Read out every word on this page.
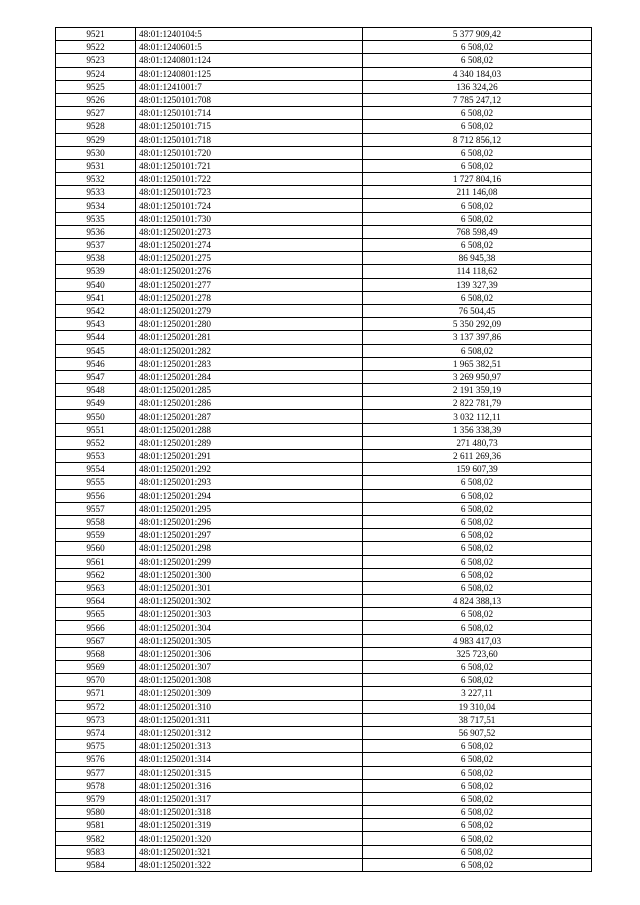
9521	48:01:1240104:5	5 377 909,42
9522	48:01:1240601:5	6 508,02
9523	48:01:1240801:124	6 508,02
9524	48:01:1240801:125	4 340 184,03
9525	48:01:1241001:7	136 324,26
9526	48:01:1250101:708	7 785 247,12
9527	48:01:1250101:714	6 508,02
9528	48:01:1250101:715	6 508,02
9529	48:01:1250101:718	8 712 856,12
9530	48:01:1250101:720	6 508,02
9531	48:01:1250101:721	6 508,02
9532	48:01:1250101:722	1 727 804,16
9533	48:01:1250101:723	211 146,08
9534	48:01:1250101:724	6 508,02
9535	48:01:1250101:730	6 508,02
9536	48:01:1250201:273	768 598,49
9537	48:01:1250201:274	6 508,02
9538	48:01:1250201:275	86 945,38
9539	48:01:1250201:276	114 118,62
9540	48:01:1250201:277	139 327,39
9541	48:01:1250201:278	6 508,02
9542	48:01:1250201:279	76 504,45
9543	48:01:1250201:280	5 350 292,09
9544	48:01:1250201:281	3 137 397,86
9545	48:01:1250201:282	6 508,02
9546	48:01:1250201:283	1 965 382,51
9547	48:01:1250201:284	3 269 950,97
9548	48:01:1250201:285	2 191 359,19
9549	48:01:1250201:286	2 822 781,79
9550	48:01:1250201:287	3 032 112,11
9551	48:01:1250201:288	1 356 338,39
9552	48:01:1250201:289	271 480,73
9553	48:01:1250201:291	2 611 269,36
9554	48:01:1250201:292	159 607,39
9555	48:01:1250201:293	6 508,02
9556	48:01:1250201:294	6 508,02
9557	48:01:1250201:295	6 508,02
9558	48:01:1250201:296	6 508,02
9559	48:01:1250201:297	6 508,02
9560	48:01:1250201:298	6 508,02
9561	48:01:1250201:299	6 508,02
9562	48:01:1250201:300	6 508,02
9563	48:01:1250201:301	6 508,02
9564	48:01:1250201:302	4 824 388,13
9565	48:01:1250201:303	6 508,02
9566	48:01:1250201:304	6 508,02
9567	48:01:1250201:305	4 983 417,03
9568	48:01:1250201:306	325 723,60
9569	48:01:1250201:307	6 508,02
9570	48:01:1250201:308	6 508,02
9571	48:01:1250201:309	3 227,11
9572	48:01:1250201:310	19 310,04
9573	48:01:1250201:311	38 717,51
9574	48:01:1250201:312	56 907,52
9575	48:01:1250201:313	6 508,02
9576	48:01:1250201:314	6 508,02
9577	48:01:1250201:315	6 508,02
9578	48:01:1250201:316	6 508,02
9579	48:01:1250201:317	6 508,02
9580	48:01:1250201:318	6 508,02
9581	48:01:1250201:319	6 508,02
9582	48:01:1250201:320	6 508,02
9583	48:01:1250201:321	6 508,02
9584	48:01:1250201:322	6 508,02
